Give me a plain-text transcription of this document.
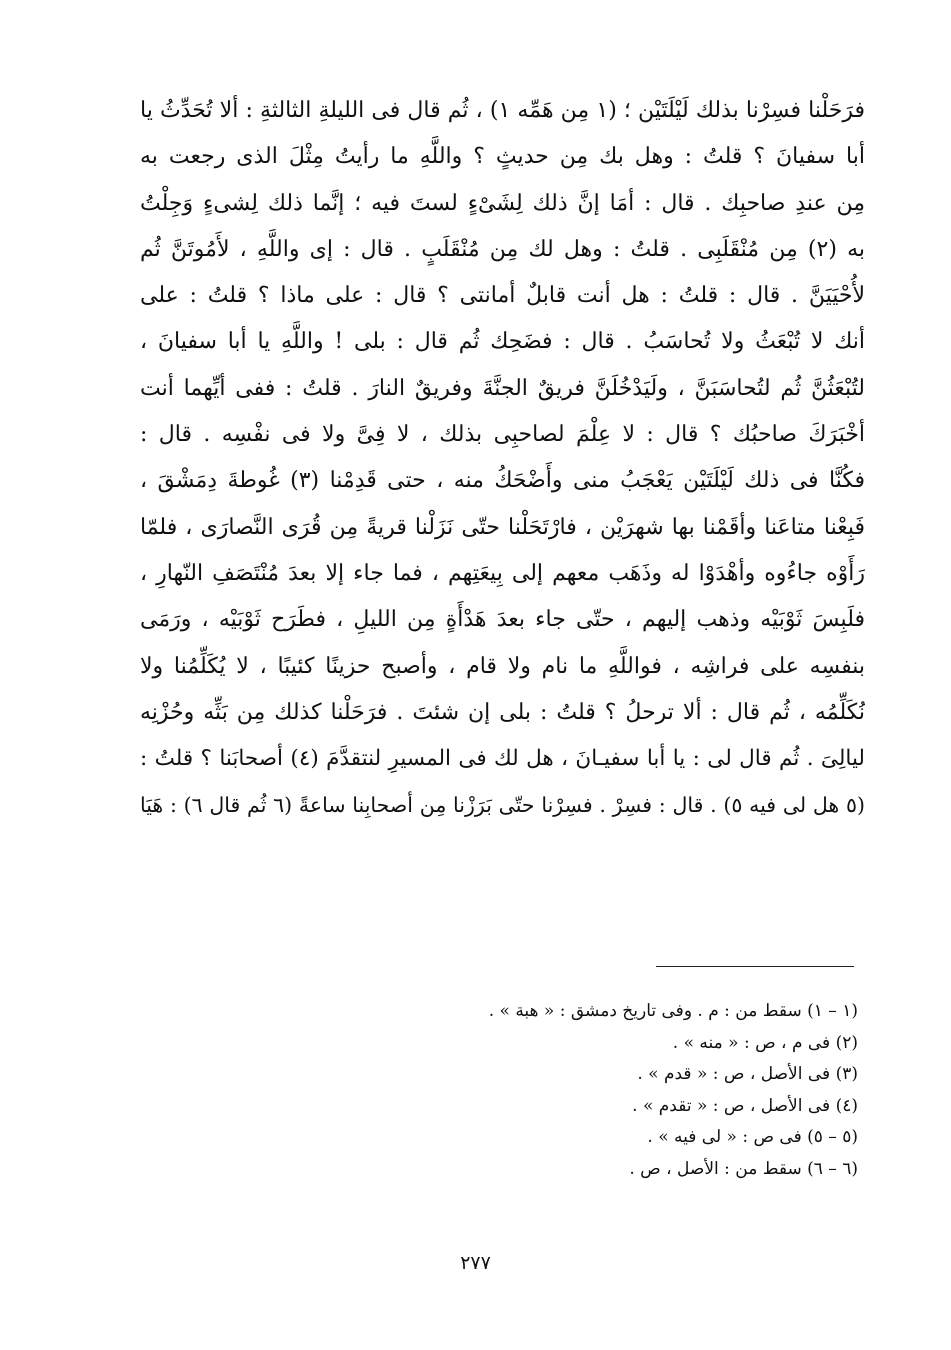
فرَحَلْنا فسِرْنا بذلك لَيْلَتَيْن ؛ (١ مِن هَمِّه ١) ، ثُم قال فى الليلةِ الثالثةِ : ألا تُحَدِّثُ يا
أبا سفيانَ ؟ قلتُ : وهل بك مِن حديثٍ ؟ واللَّهِ ما رأيتُ مِثْلَ الذى رجعت به
مِن عندِ صاحبِك . قال : أمَا إنَّ ذلك لِشَىْءٍ لستَ فيه ؛ إنَّما ذلك لِشىءٍ وَجِلْتُ
به (٢) مِن مُنْقَلَبِى . قلتُ : وهل لك مِن مُنْقَلَبٍ . قال : إى واللَّهِ ، لأَمُوتَنَّ ثُم
لأُحْيَيَنَّ . قال : قلتُ : هل أنت قابلٌ أمانتى ؟ قال : على ماذا ؟ قلتُ : على
أنك لا تُبْعَثُ ولا تُحاسَبُ . قال : فضَحِك ثُم قال : بلى ! واللَّهِ يا أبا سفيانَ ،
لتُبْعَثُنَّ ثُم لتُحاسَبَنَّ ، ولَيَدْخُلَنَّ فريقٌ الجنَّةَ وفريقٌ النارَ . قلتُ : ففى أيِّهما أنت
أخْبَرَكَ صاحبُك ؟ قال : لا عِلْمَ لصاحبِى بذلك ، لا فِىَّ ولا فى نفْسِه . قال :
فكُنَّا فى ذلك لَيْلَتَيْن يَعْجَبُ منى وأَضْحَكُ منه ، حتى قَدِمْنا (٣) غُوطةَ دِمَشْقَ ،
فَبِعْنا متاعَنا وأقَمْنا بها شهرَيْن ، فارْتَحَلْنا حتّى نَزَلْنا قريةً مِن قُرَى النَّصارَى ، فلمّا
رَأَوْه جاءُوه وأهْدَوْا له وذَهَب معهم إلى بِيعَتِهم ، فما جاء إلا بعدَ مُنْتَصَفِ النّهارِ ،
فلَبِسَ ثَوْبَيْه وذهب إليهم ، حتّى جاء بعدَ هَدْأَةٍ مِن الليلِ ، فطَرَح ثَوْبَيْه ، ورَمَى
بنفسِه على فراشِه ، فواللَّهِ ما نام ولا قام ، وأصبح حزينًا كئيبًا ، لا يُكَلِّمُنا ولا
نُكَلِّمُه ، ثُم قال : ألا ترحلُ ؟ قلتُ : بلى إن شئتَ . فرَحَلْنا كذلك مِن بَثِّه وحُزْنِه
ليالِىَ . ثُم قال لى : يا أبا سفيـانَ ، هل لك فى المسيرِ لنتقدَّمَ (٤) أصحابَنا ؟ قلتُ :
(٥ هل لى فيه ٥) . قال : فسِرْ . فسِرْنا حتّى بَرَزْنا مِن أصحابِنا ساعةً (٦ ثُم قال ٦) : هَيَا
(١ – ١) سقط من : م . وفى تاريخ دمشق : « هبة » .
(٢) فى م ، ص : « منه » .
(٣) فى الأصل ، ص : « قدم » .
(٤) فى الأصل ، ص : « تقدم » .
(٥ – ٥) فى ص : « لى فيه » .
(٦ – ٦) سقط من : الأصل ، ص .
٢٧٧
